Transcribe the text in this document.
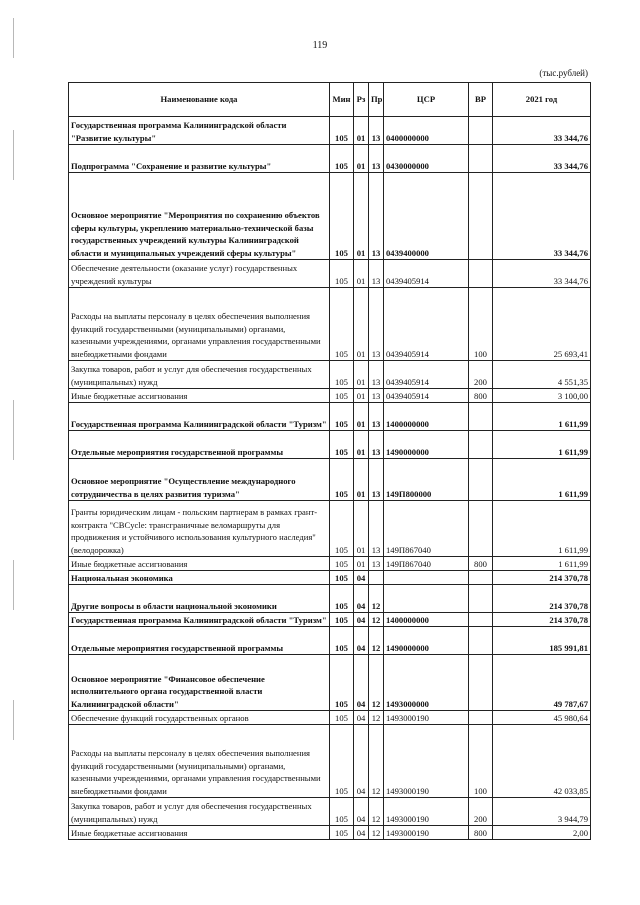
119
(тыс.рублей)
Наименование кода	Мин	Рз	Пр	ЦСР	ВР	2021 год
Государственная программа Калининградской области "Развитие культуры"	105	01	13	0400000000		33 344,76
Подпрограмма "Сохранение и развитие культуры"	105	01	13	0430000000		33 344,76
Основное мероприятие "Мероприятия по сохранению объектов сферы культуры, укреплению материально-технической базы государственных учреждений культуры Калининградской области и муниципальных учреждений сферы культуры"	105	01	13	0439400000		33 344,76
Обеспечение деятельности (оказание услуг) государственных учреждений культуры	105	01	13	0439405914		33 344,76
Расходы на выплаты персоналу в целях обеспечения выполнения функций государственными (муниципальными) органами, казенными учреждениями, органами управления государственными внебюджетными фондами	105	01	13	0439405914	100	25 693,41
Закупка товаров, работ и услуг для обеспечения государственных (муниципальных) нужд	105	01	13	0439405914	200	4 551,35
Иные бюджетные ассигнования	105	01	13	0439405914	800	3 100,00
Государственная программа Калининградской области "Туризм"	105	01	13	1400000000		1 611,99
Отдельные мероприятия государственной программы	105	01	13	1490000000		1 611,99
Основное мероприятие "Осуществление международного сотрудничества в целях развития туризма"	105	01	13	149П800000		1 611,99
Гранты юридическим лицам - польским партнерам в рамках грант-контракта "CBCycle: трансграничные веломаршруты для продвижения и устойчивого использования культурного наследия" (велодорожка)	105	01	13	149П867040		1 611,99
Иные бюджетные ассигнования	105	01	13	149П867040	800	1 611,99
Национальная экономика	105	04				214 370,78
Другие вопросы в области национальной экономики	105	04	12			214 370,78
Государственная программа Калининградской области "Туризм"	105	04	12	1400000000		214 370,78
Отдельные мероприятия государственной программы	105	04	12	1490000000		185 991,81
Основное мероприятие "Финансовое обеспечение исполнительного органа государственной власти Калининградской области"	105	04	12	1493000000		49 787,67
Обеспечение функций государственных органов	105	04	12	1493000190		45 980,64
Расходы на выплаты персоналу в целях обеспечения выполнения функций государственными (муниципальными) органами, казенными учреждениями, органами управления государственными внебюджетными фондами	105	04	12	1493000190	100	42 033,85
Закупка товаров, работ и услуг для обеспечения государственных (муниципальных) нужд	105	04	12	1493000190	200	3 944,79
Иные бюджетные ассигнования	105	04	12	1493000190	800	2,00
